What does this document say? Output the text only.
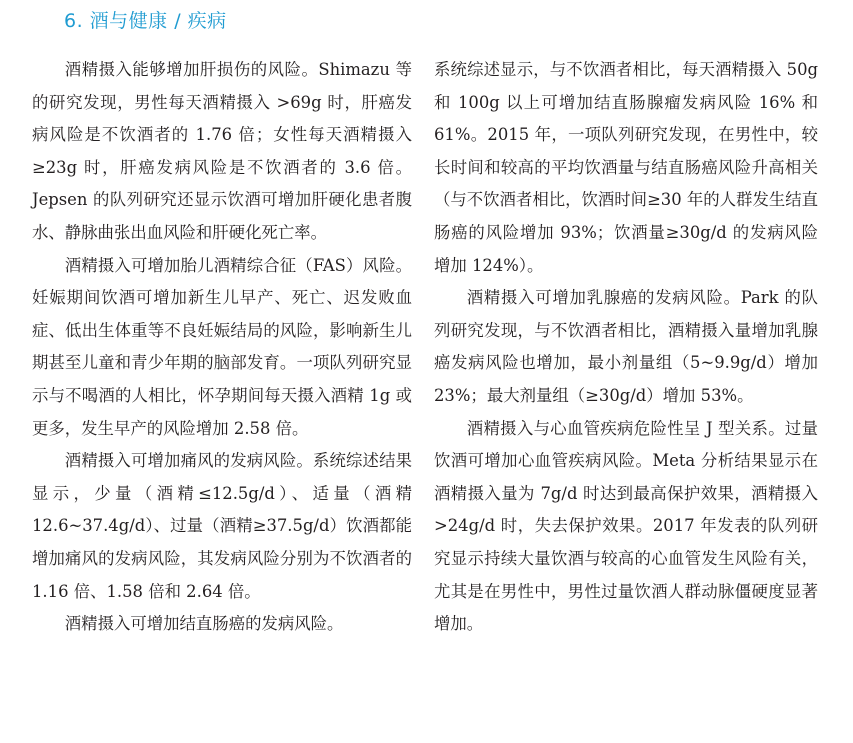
6. 酒与健康 / 疾病

酒精摄入能够增加肝损伤的风险。Shimazu 等的研究发现，男性每天酒精摄入 >69g 时，肝癌发病风险是不饮酒者的 1.76 倍；女性每天酒精摄入≥23g 时，肝癌发病风险是不饮酒者的 3.6 倍。Jepsen 的队列研究还显示饮酒可增加肝硬化患者腹水、静脉曲张出血风险和肝硬化死亡率。

酒精摄入可增加胎儿酒精综合征（FAS）风险。妊娠期间饮酒可增加新生儿早产、死亡、迟发败血症、低出生体重等不良妊娠结局的风险，影响新生儿期甚至儿童和青少年期的脑部发育。一项队列研究显示与不喝酒的人相比，怀孕期间每天摄入酒精 1g 或更多，发生早产的风险增加 2.58 倍。

酒精摄入可增加痛风的发病风险。系统综述结果显示，少量（酒精≤12.5g/d）、适量（酒精 12.6~37.4g/d）、过量（酒精≥37.5g/d）饮酒都能增加痛风的发病风险，其发病风险分别为不饮酒者的 1.16 倍、1.58 倍和 2.64 倍。

酒精摄入可增加结直肠癌的发病风险。

系统综述显示，与不饮酒者相比，每天酒精摄入 50g 和 100g 以上可增加结直肠腺瘤发病风险 16% 和 61%。2015 年，一项队列研究发现，在男性中，较长时间和较高的平均饮酒量与结直肠癌风险升高相关（与不饮酒者相比，饮酒时间≥30 年的人群发生结直肠癌的风险增加 93%；饮酒量≥30g/d 的发病风险增加 124%）。

酒精摄入可增加乳腺癌的发病风险。Park 的队列研究发现，与不饮酒者相比，酒精摄入量增加乳腺癌发病风险也增加，最小剂量组（5~9.9g/d）增加 23%；最大剂量组（≥30g/d）增加 53%。

酒精摄入与心血管疾病危险性呈 J 型关系。过量饮酒可增加心血管疾病风险。Meta 分析结果显示在酒精摄入量为 7g/d 时达到最高保护效果，酒精摄入 >24g/d 时，失去保护效果。2017 年发表的队列研究显示持续大量饮酒与较高的心血管发生风险有关，尤其是在男性中，男性过量饮酒人群动脉僵硬度显著增加。
